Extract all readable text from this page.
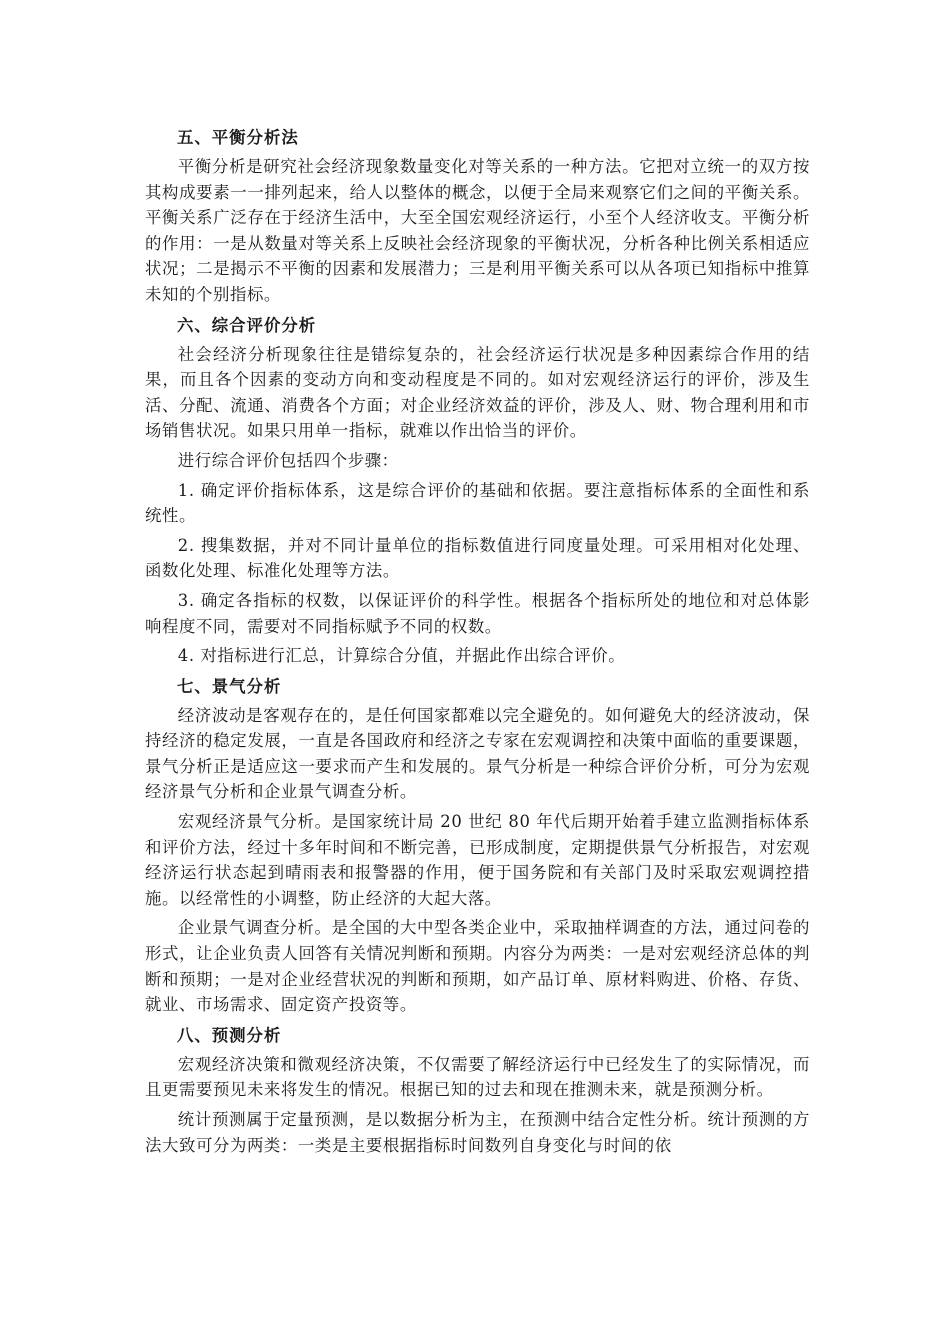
五、平衡分析法

平衡分析是研究社会经济现象数量变化对等关系的一种方法。它把对立统一的双方按其构成要素一一排列起来，给人以整体的概念，以便于全局来观察它们之间的平衡关系。平衡关系广泛存在于经济生活中，大至全国宏观经济运行，小至个人经济收支。平衡分析的作用：一是从数量对等关系上反映社会经济现象的平衡状况，分析各种比例关系相适应状况；二是揭示不平衡的因素和发展潜力；三是利用平衡关系可以从各项已知指标中推算未知的个别指标。

六、综合评价分析

社会经济分析现象往往是错综复杂的，社会经济运行状况是多种因素综合作用的结果，而且各个因素的变动方向和变动程度是不同的。如对宏观经济运行的评价，涉及生活、分配、流通、消费各个方面；对企业经济效益的评价，涉及人、财、物合理利用和市场销售状况。如果只用单一指标，就难以作出恰当的评价。

进行综合评价包括四个步骤：

1. 确定评价指标体系，这是综合评价的基础和依据。要注意指标体系的全面性和系统性。

2. 搜集数据，并对不同计量单位的指标数值进行同度量处理。可采用相对化处理、函数化处理、标准化处理等方法。

3. 确定各指标的权数，以保证评价的科学性。根据各个指标所处的地位和对总体影响程度不同，需要对不同指标赋予不同的权数。

4. 对指标进行汇总，计算综合分值，并据此作出综合评价。

七、景气分析

经济波动是客观存在的，是任何国家都难以完全避免的。如何避免大的经济波动，保持经济的稳定发展，一直是各国政府和经济之专家在宏观调控和决策中面临的重要课题，景气分析正是适应这一要求而产生和发展的。景气分析是一种综合评价分析，可分为宏观经济景气分析和企业景气调查分析。

宏观经济景气分析。是国家统计局 20 世纪 80 年代后期开始着手建立监测指标体系和评价方法，经过十多年时间和不断完善，已形成制度，定期提供景气分析报告，对宏观经济运行状态起到晴雨表和报警器的作用，便于国务院和有关部门及时采取宏观调控措施。以经常性的小调整，防止经济的大起大落。

企业景气调查分析。是全国的大中型各类企业中，采取抽样调查的方法，通过问卷的形式，让企业负责人回答有关情况判断和预期。内容分为两类：一是对宏观经济总体的判断和预期；一是对企业经营状况的判断和预期，如产品订单、原材料购进、价格、存货、就业、市场需求、固定资产投资等。

八、预测分析

宏观经济决策和微观经济决策，不仅需要了解经济运行中已经发生了的实际情况，而且更需要预见未来将发生的情况。根据已知的过去和现在推测未来，就是预测分析。

统计预测属于定量预测，是以数据分析为主，在预测中结合定性分析。统计预测的方法大致可分为两类：一类是主要根据指标时间数列自身变化与时间的依
